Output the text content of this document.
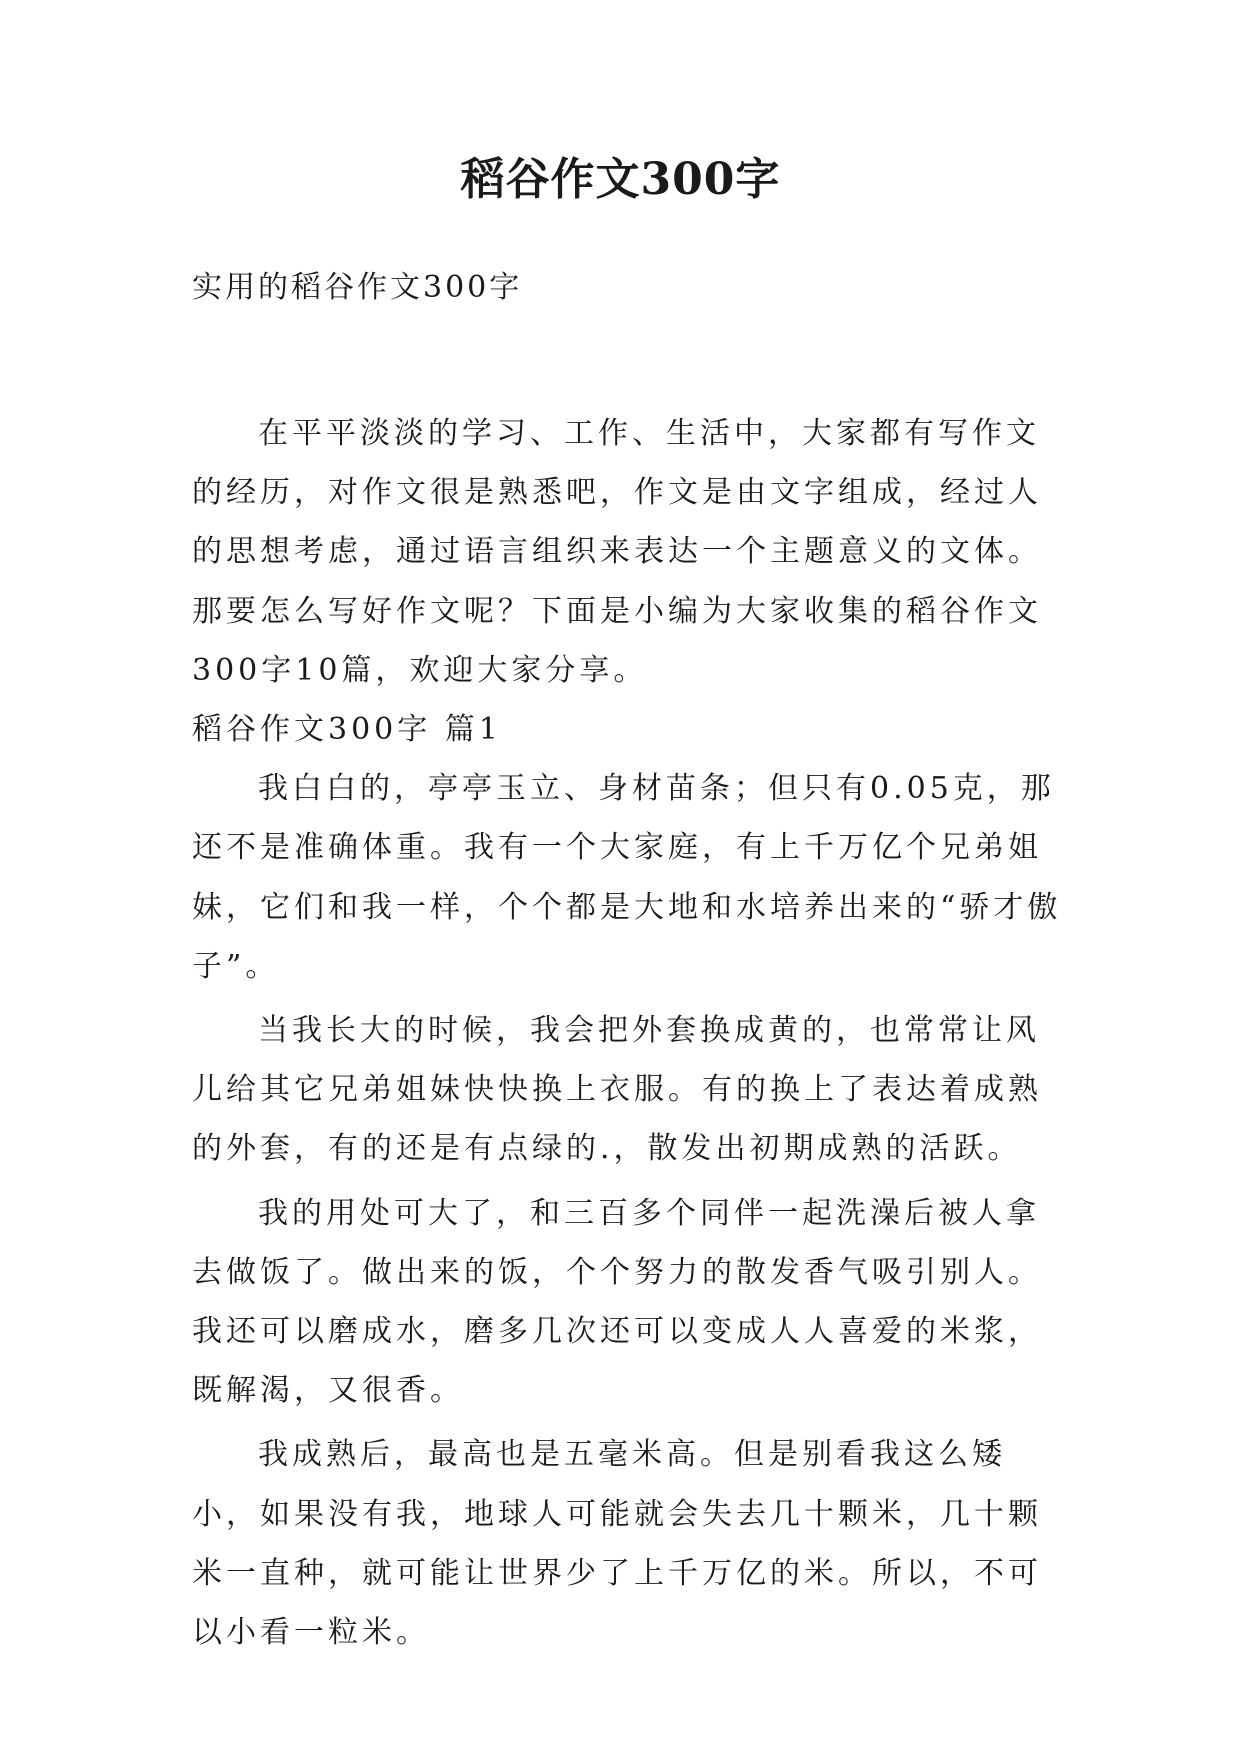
稻谷作文300字

实用的稻谷作文300字

在平平淡淡的学习、工作、生活中，大家都有写作文的经历，对作文很是熟悉吧，作文是由文字组成，经过人的思想考虑，通过语言组织来表达一个主题意义的文体。那要怎么写好作文呢？下面是小编为大家收集的稻谷作文300字10篇，欢迎大家分享。

稻谷作文300字 篇1

我白白的，亭亭玉立、身材苗条；但只有0.05克，那还不是准确体重。我有一个大家庭，有上千万亿个兄弟姐妹，它们和我一样，个个都是大地和水培养出来的“骄才傲子”。

当我长大的时候，我会把外套换成黄的，也常常让风儿给其它兄弟姐妹快快换上衣服。有的换上了表达着成熟的外套，有的还是有点绿的.，散发出初期成熟的活跃。

我的用处可大了，和三百多个同伴一起洗澡后被人拿去做饭了。做出来的饭，个个努力的散发香气吸引别人。我还可以磨成水，磨多几次还可以变成人人喜爱的米浆，既解渴，又很香。

我成熟后，最高也是五毫米高。但是别看我这么矮小，如果没有我，地球人可能就会失去几十颗米，几十颗米一直种，就可能让世界少了上千万亿的米。所以，不可以小看一粒米。
